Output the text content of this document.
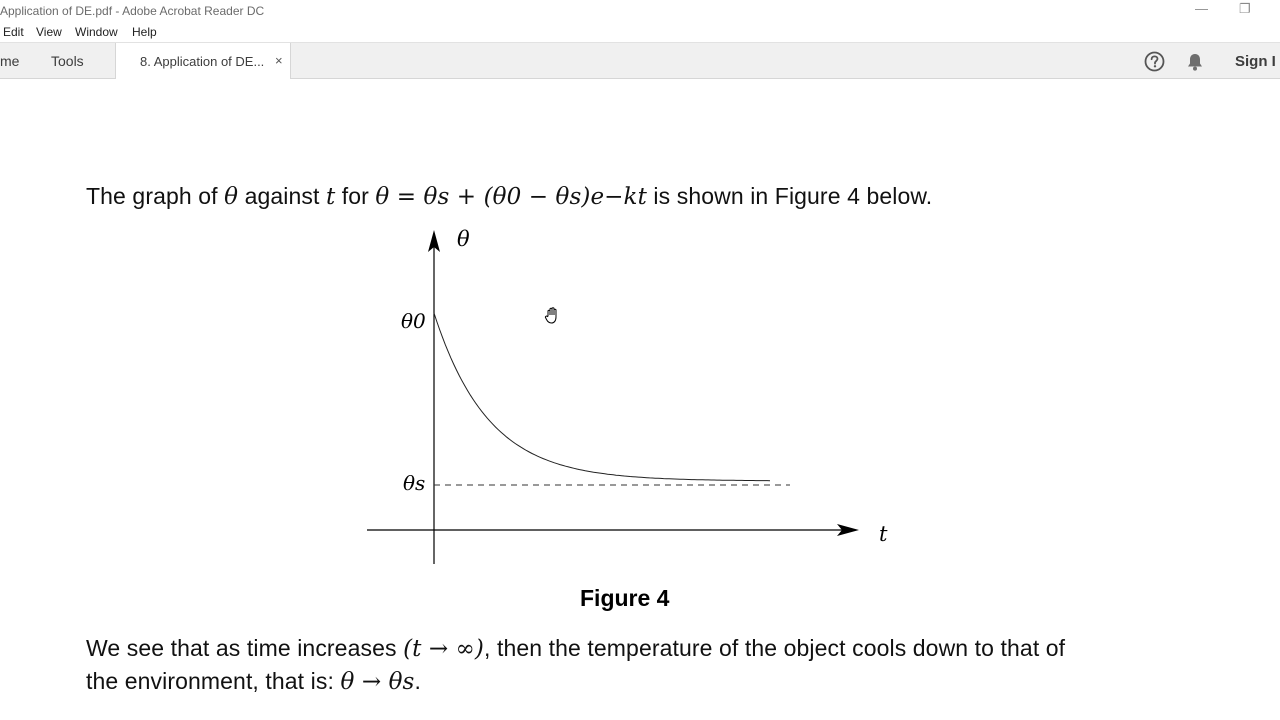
Application of DE.pdf - Adobe Acrobat Reader DC	— ❐
Edit View Window Help
me Tools	8. Application of DE... ×	Sign I
The graph of θ against t for θ = θs + (θ0 − θs)e−kt is shown in Figure 4 below.
θ
t
θ0
θs
Figure 4
We see that as time increases (t → ∞), then the temperature of the object cools down to that of
the environment, that is: θ → θs.
